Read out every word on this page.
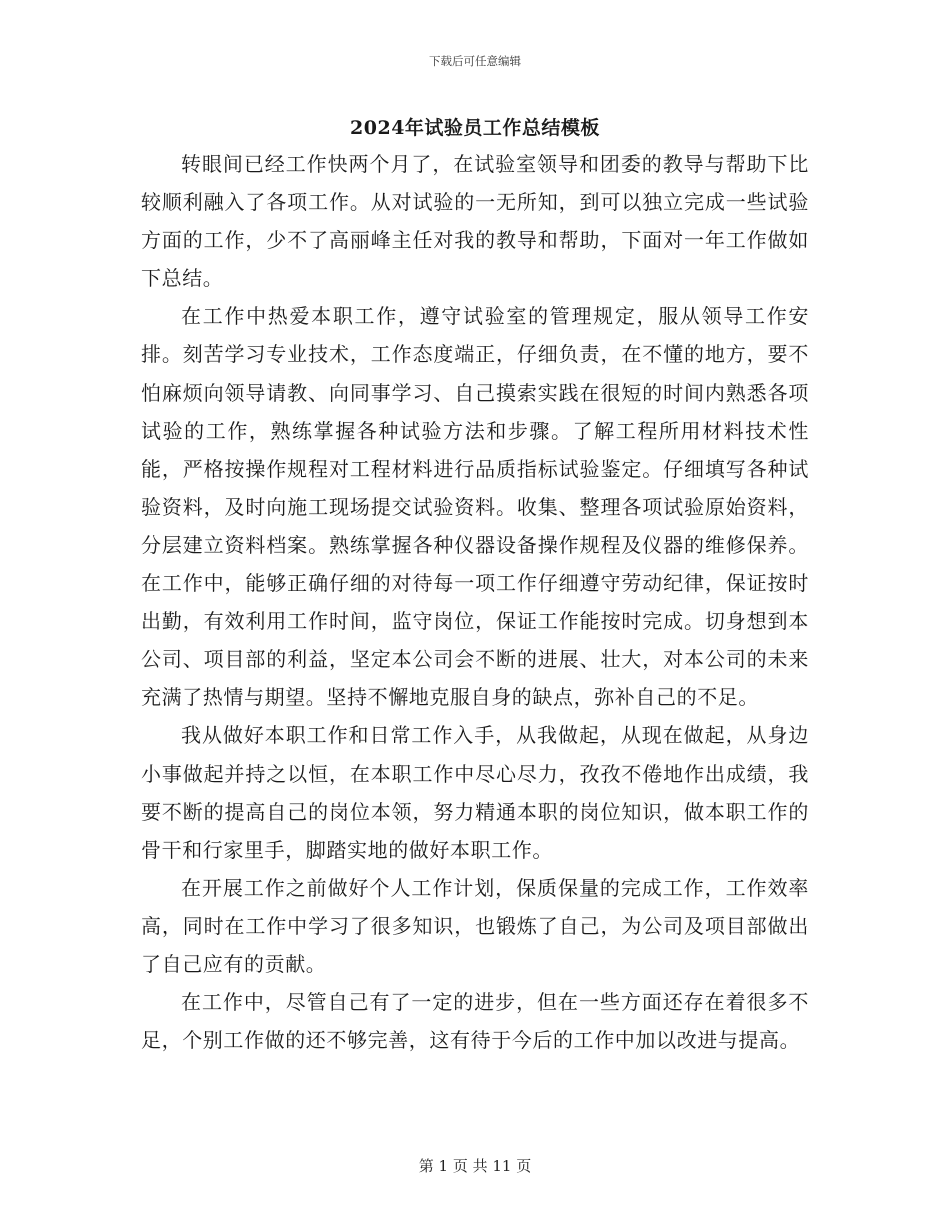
下载后可任意编辑
2024年试验员工作总结模板

转眼间已经工作快两个月了，在试验室领导和团委的教导与帮助下比较顺利融入了各项工作。从对试验的一无所知，到可以独立完成一些试验方面的工作，少不了高丽峰主任对我的教导和帮助，下面对一年工作做如下总结。

在工作中热爱本职工作，遵守试验室的管理规定，服从领导工作安排。刻苦学习专业技术，工作态度端正，仔细负责，在不懂的地方，要不怕麻烦向领导请教、向同事学习、自己摸索实践在很短的时间内熟悉各项试验的工作，熟练掌握各种试验方法和步骤。了解工程所用材料技术性能，严格按操作规程对工程材料进行品质指标试验鉴定。仔细填写各种试验资料，及时向施工现场提交试验资料。收集、整理各项试验原始资料，分层建立资料档案。熟练掌握各种仪器设备操作规程及仪器的维修保养。在工作中，能够正确仔细的对待每一项工作仔细遵守劳动纪律，保证按时出勤，有效利用工作时间，监守岗位，保证工作能按时完成。切身想到本公司、项目部的利益，坚定本公司会不断的进展、壮大，对本公司的未来充满了热情与期望。坚持不懈地克服自身的缺点，弥补自己的不足。

我从做好本职工作和日常工作入手，从我做起，从现在做起，从身边小事做起并持之以恒，在本职工作中尽心尽力，孜孜不倦地作出成绩，我要不断的提高自己的岗位本领，努力精通本职的岗位知识，做本职工作的骨干和行家里手，脚踏实地的做好本职工作。

在开展工作之前做好个人工作计划，保质保量的完成工作，工作效率高，同时在工作中学习了很多知识，也锻炼了自己，为公司及项目部做出了自己应有的贡献。

在工作中，尽管自己有了一定的进步，但在一些方面还存在着很多不足，个别工作做的还不够完善，这有待于今后的工作中加以改进与提高。

第 1 页 共 11 页
